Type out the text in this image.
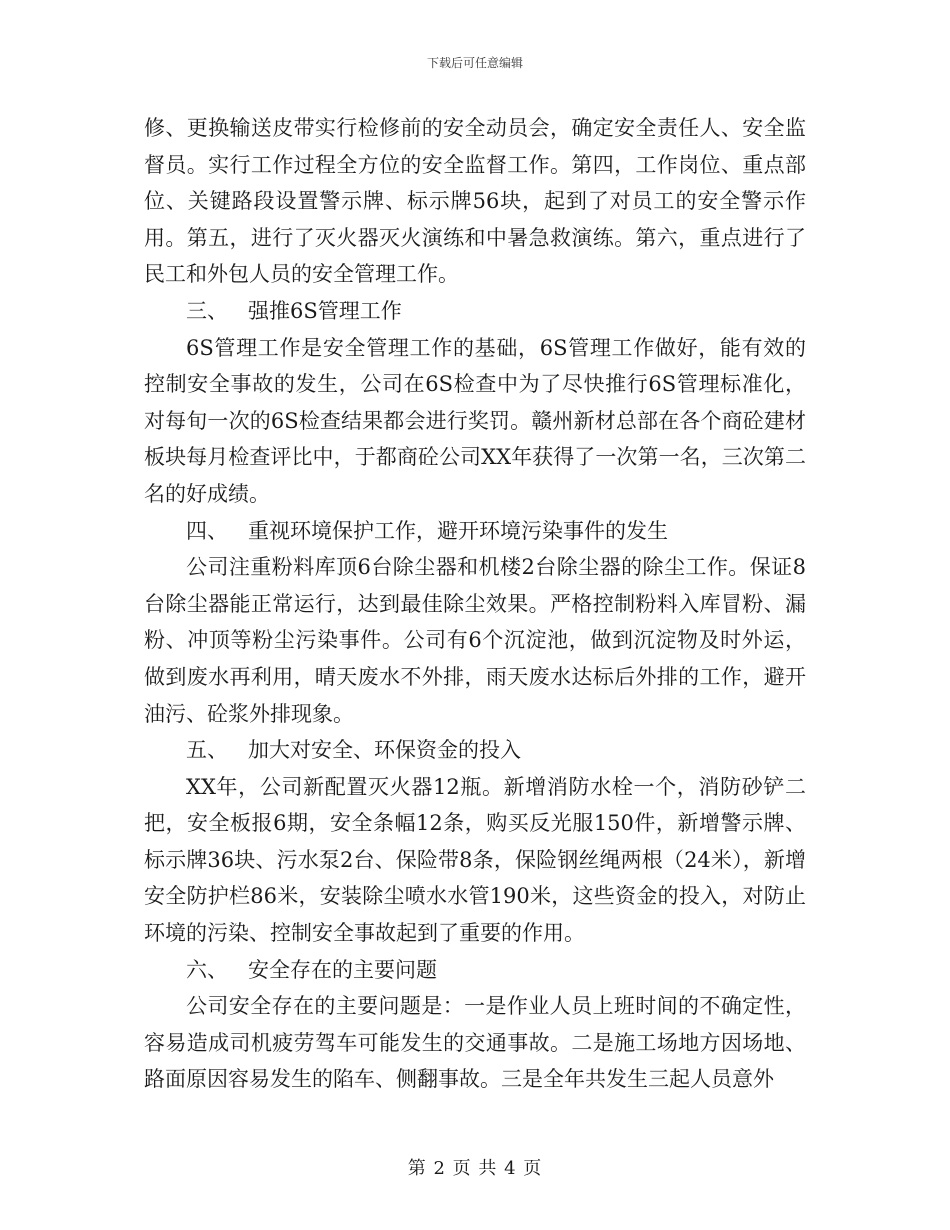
下载后可任意编辑

修、更换输送皮带实行检修前的安全动员会，确定安全责任人、安全监督员。实行工作过程全方位的安全监督工作。第四，工作岗位、重点部位、关键路段设置警示牌、标示牌56块，起到了对员工的安全警示作用。第五，进行了灭火器灭火演练和中暑急救演练。第六，重点进行了民工和外包人员的安全管理工作。

三、 强推6S管理工作

6S管理工作是安全管理工作的基础，6S管理工作做好，能有效的控制安全事故的发生，公司在6S检查中为了尽快推行6S管理标准化，对每旬一次的6S检查结果都会进行奖罚。赣州新材总部在各个商砼建材板块每月检查评比中，于都商砼公司XX年获得了一次第一名，三次第二名的好成绩。

四、 重视环境保护工作，避开环境污染事件的发生

公司注重粉料库顶6台除尘器和机楼2台除尘器的除尘工作。保证8台除尘器能正常运行，达到最佳除尘效果。严格控制粉料入库冒粉、漏粉、冲顶等粉尘污染事件。公司有6个沉淀池，做到沉淀物及时外运，做到废水再利用，晴天废水不外排，雨天废水达标后外排的工作，避开油污、砼浆外排现象。

五、 加大对安全、环保资金的投入

XX年，公司新配置灭火器12瓶。新增消防水栓一个，消防砂铲二把，安全板报6期，安全条幅12条，购买反光服150件，新增警示牌、标示牌36块、污水泵2台、保险带8条，保险钢丝绳两根（24米），新增安全防护栏86米，安装除尘喷水水管190米，这些资金的投入，对防止环境的污染、控制安全事故起到了重要的作用。

六、 安全存在的主要问题

公司安全存在的主要问题是：一是作业人员上班时间的不确定性，容易造成司机疲劳驾车可能发生的交通事故。二是施工场地方因场地、路面原因容易发生的陷车、侧翻事故。三是全年共发生三起人员意外

第 2 页 共 4 页
